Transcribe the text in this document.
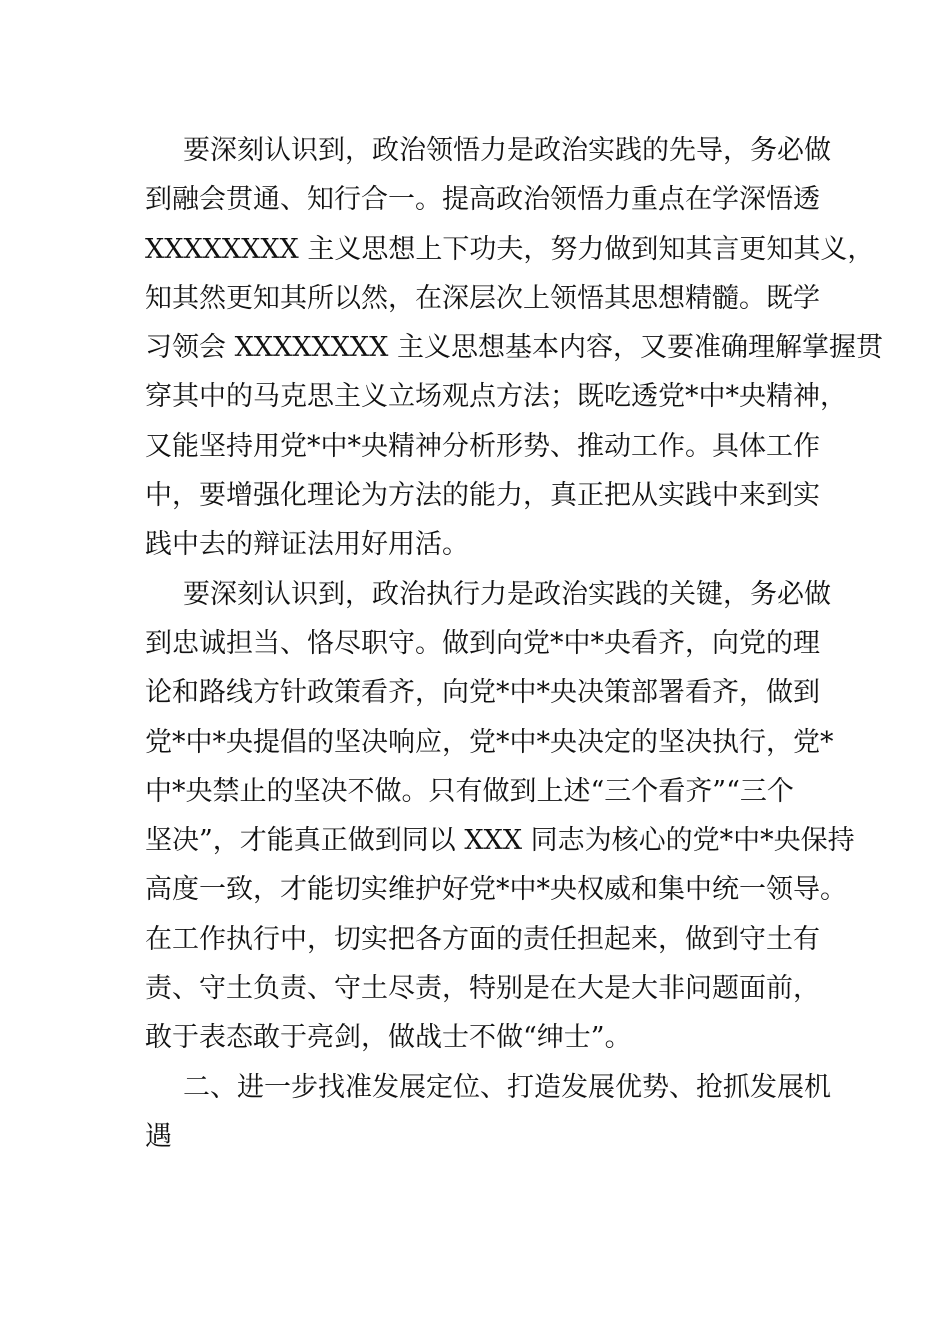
要深刻认识到，政治领悟力是政治实践的先导，务必做
到融会贯通、知行合一。提高政治领悟力重点在学深悟透
XXXXXXXX 主义思想上下功夫，努力做到知其言更知其义，
知其然更知其所以然，在深层次上领悟其思想精髓。既学
习领会 XXXXXXXX 主义思想基本内容，又要准确理解掌握贯
穿其中的马克思主义立场观点方法；既吃透党*中*央精神，
又能坚持用党*中*央精神分析形势、推动工作。具体工作
中，要增强化理论为方法的能力，真正把从实践中来到实
践中去的辩证法用好用活。
要深刻认识到，政治执行力是政治实践的关键，务必做
到忠诚担当、恪尽职守。做到向党*中*央看齐，向党的理
论和路线方针政策看齐，向党*中*央决策部署看齐，做到
党*中*央提倡的坚决响应，党*中*央决定的坚决执行，党*
中*央禁止的坚决不做。只有做到上述“三个看齐”“三个
坚决”，才能真正做到同以 XXX 同志为核心的党*中*央保持
高度一致，才能切实维护好党*中*央权威和集中统一领导。
在工作执行中，切实把各方面的责任担起来，做到守土有
责、守土负责、守土尽责，特别是在大是大非问题面前，
敢于表态敢于亮剑，做战士不做“绅士”。
二、进一步找准发展定位、打造发展优势、抢抓发展机
遇
